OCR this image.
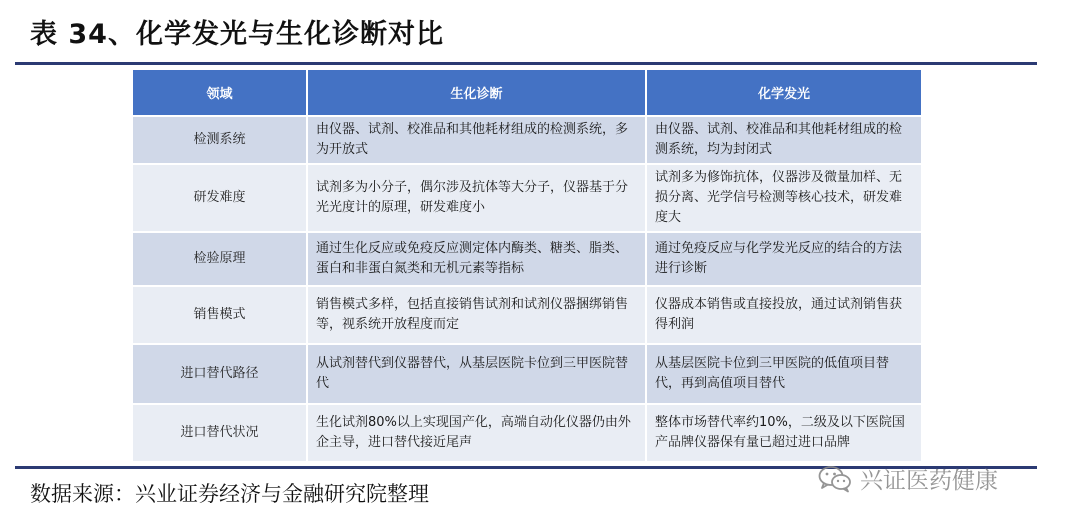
表 34、化学发光与生化诊断对比
领域	生化诊断	化学发光
检测系统	由仪器、试剂、校准品和其他耗材组成的检测系统，多为开放式	由仪器、试剂、校准品和其他耗材组成的检测系统，均为封闭式
研发难度	试剂多为小分子，偶尔涉及抗体等大分子，仪器基于分光光度计的原理，研发难度小	试剂多为修饰抗体，仪器涉及微量加样、无损分离、光学信号检测等核心技术，研发难度大
检验原理	通过生化反应或免疫反应测定体内酶类、糖类、脂类、蛋白和非蛋白氮类和无机元素等指标	通过免疫反应与化学发光反应的结合的方法进行诊断
销售模式	销售模式多样，包括直接销售试剂和试剂仪器捆绑销售等，视系统开放程度而定	仪器成本销售或直接投放，通过试剂销售获得利润
进口替代路径	从试剂替代到仪器替代，从基层医院卡位到三甲医院替代	从基层医院卡位到三甲医院的低值项目替代，再到高值项目替代
进口替代状况	生化试剂80%以上实现国产化，高端自动化仪器仍由外企主导，进口替代接近尾声	整体市场替代率约10%，二级及以下医院国产品牌仪器保有量已超过进口品牌
数据来源：兴业证券经济与金融研究院整理	兴证医药健康
